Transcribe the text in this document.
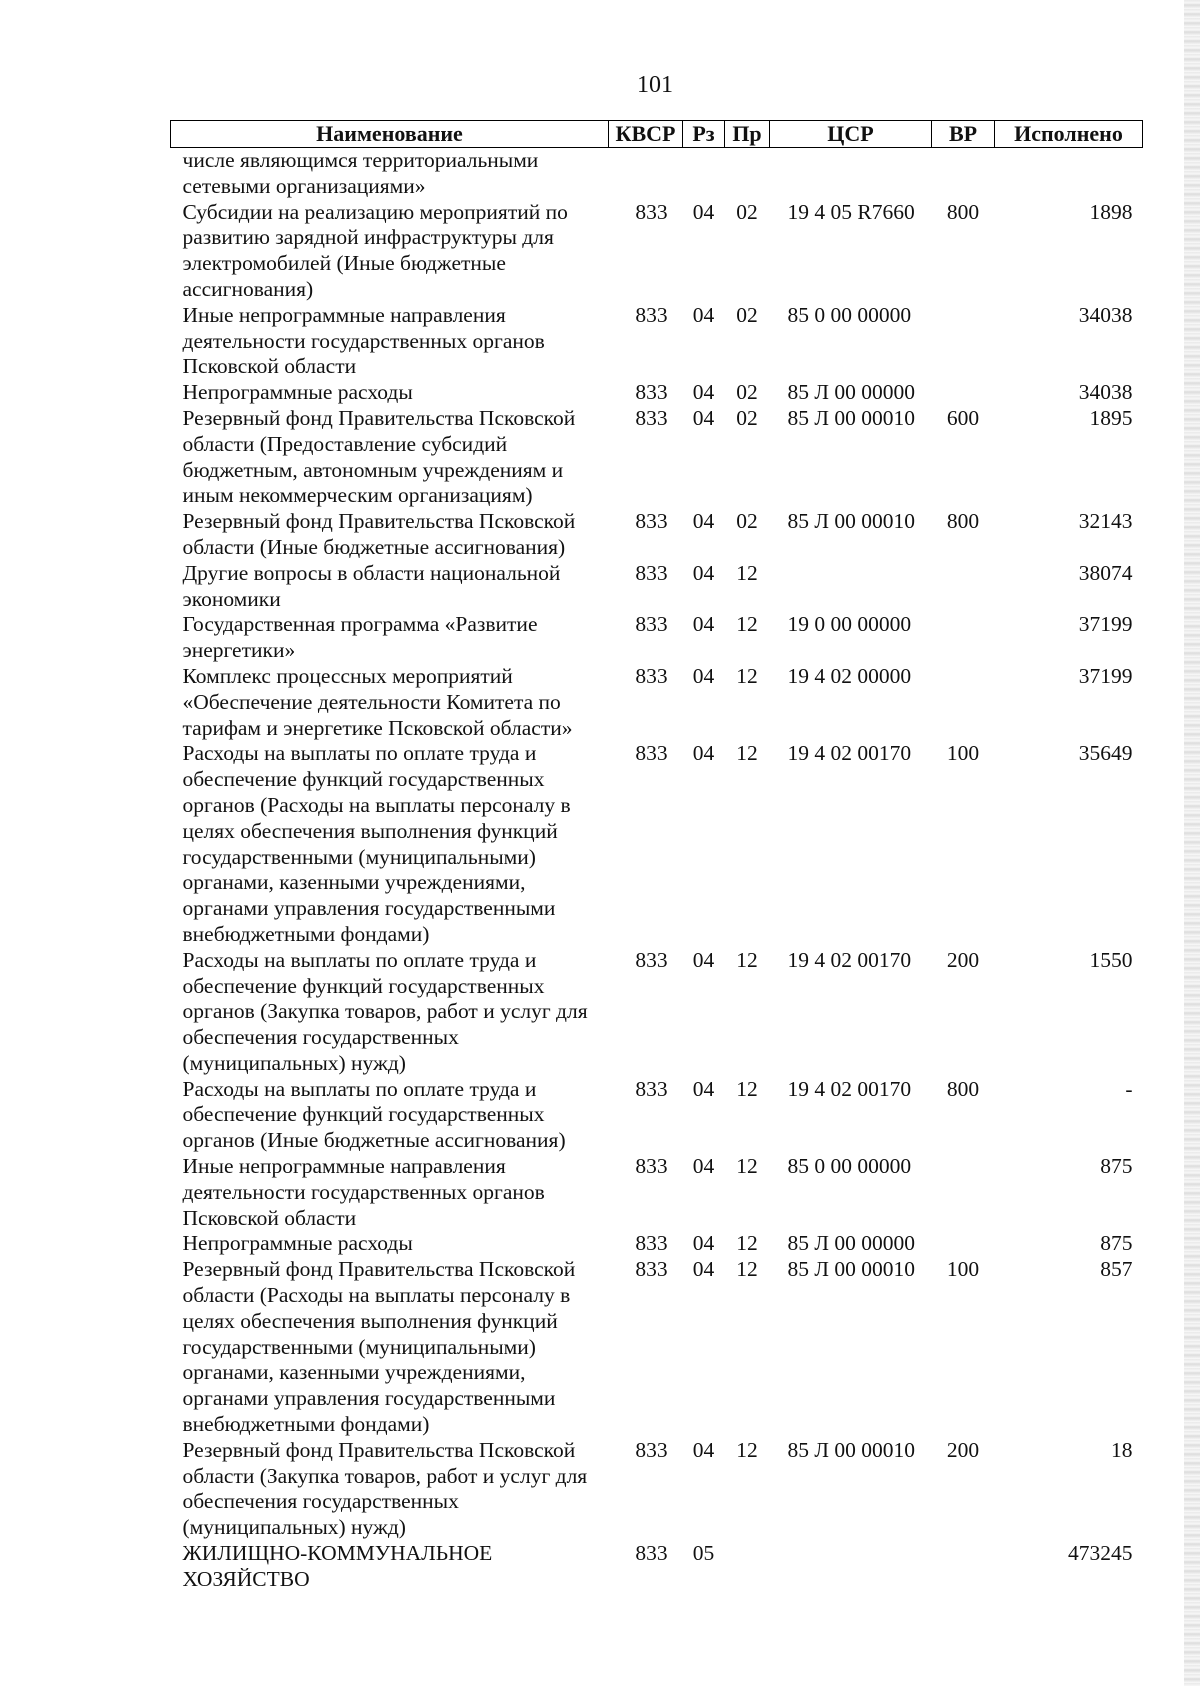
101
Наименование	КВСР	Рз	Пр	ЦСР	ВР	Исполнено
числе являющимся территориальными сетевыми организациями»						
Субсидии на реализацию мероприятий по развитию зарядной инфраструктуры для электромобилей (Иные бюджетные ассигнования)	833	04	02	19 4 05 R7660	800	1898
Иные непрограммные направления деятельности государственных органов Псковской области	833	04	02	85 0 00 00000		34038
Непрограммные расходы	833	04	02	85 Л 00 00000		34038
Резервный фонд Правительства Псковской области (Предоставление субсидий бюджетным, автономным учреждениям и иным некоммерческим организациям)	833	04	02	85 Л 00 00010	600	1895
Резервный фонд Правительства Псковской области (Иные бюджетные ассигнования)	833	04	02	85 Л 00 00010	800	32143
Другие вопросы в области национальной экономики	833	04	12			38074
Государственная программа «Развитие энергетики»	833	04	12	19 0 00 00000		37199
Комплекс процессных мероприятий «Обеспечение деятельности Комитета по тарифам и энергетике Псковской области»	833	04	12	19 4 02 00000		37199
Расходы на выплаты по оплате труда и обеспечение функций государственных органов (Расходы на выплаты персоналу в целях обеспечения выполнения функций государственными (муниципальными) органами, казенными учреждениями, органами управления государственными внебюджетными фондами)	833	04	12	19 4 02 00170	100	35649
Расходы на выплаты по оплате труда и обеспечение функций государственных органов (Закупка товаров, работ и услуг для обеспечения государственных (муниципальных) нужд)	833	04	12	19 4 02 00170	200	1550
Расходы на выплаты по оплате труда и обеспечение функций государственных органов (Иные бюджетные ассигнования)	833	04	12	19 4 02 00170	800	-
Иные непрограммные направления деятельности государственных органов Псковской области	833	04	12	85 0 00 00000		875
Непрограммные расходы	833	04	12	85 Л 00 00000		875
Резервный фонд Правительства Псковской области (Расходы на выплаты персоналу в целях обеспечения выполнения функций государственными (муниципальными) органами, казенными учреждениями, органами управления государственными внебюджетными фондами)	833	04	12	85 Л 00 00010	100	857
Резервный фонд Правительства Псковской области (Закупка товаров, работ и услуг для обеспечения государственных (муниципальных) нужд)	833	04	12	85 Л 00 00010	200	18
ЖИЛИЩНО-КОММУНАЛЬНОЕ ХОЗЯЙСТВО	833	05				473245
